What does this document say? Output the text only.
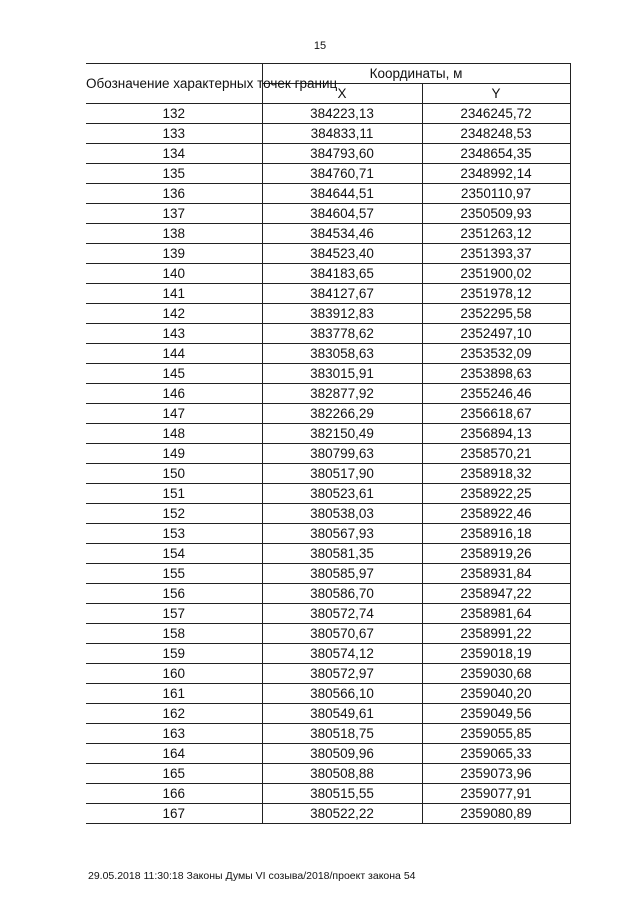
15
Обозначение характерных точек границ	Координаты, м	
	X	Y
132	384223,13	2346245,72
133	384833,11	2348248,53
134	384793,60	2348654,35
135	384760,71	2348992,14
136	384644,51	2350110,97
137	384604,57	2350509,93
138	384534,46	2351263,12
139	384523,40	2351393,37
140	384183,65	2351900,02
141	384127,67	2351978,12
142	383912,83	2352295,58
143	383778,62	2352497,10
144	383058,63	2353532,09
145	383015,91	2353898,63
146	382877,92	2355246,46
147	382266,29	2356618,67
148	382150,49	2356894,13
149	380799,63	2358570,21
150	380517,90	2358918,32
151	380523,61	2358922,25
152	380538,03	2358922,46
153	380567,93	2358916,18
154	380581,35	2358919,26
155	380585,97	2358931,84
156	380586,70	2358947,22
157	380572,74	2358981,64
158	380570,67	2358991,22
159	380574,12	2359018,19
160	380572,97	2359030,68
161	380566,10	2359040,20
162	380549,61	2359049,56
163	380518,75	2359055,85
164	380509,96	2359065,33
165	380508,88	2359073,96
166	380515,55	2359077,91
167	380522,22	2359080,89
29.05.2018 11:30:18 Законы Думы VI созыва/2018/проект закона 54
